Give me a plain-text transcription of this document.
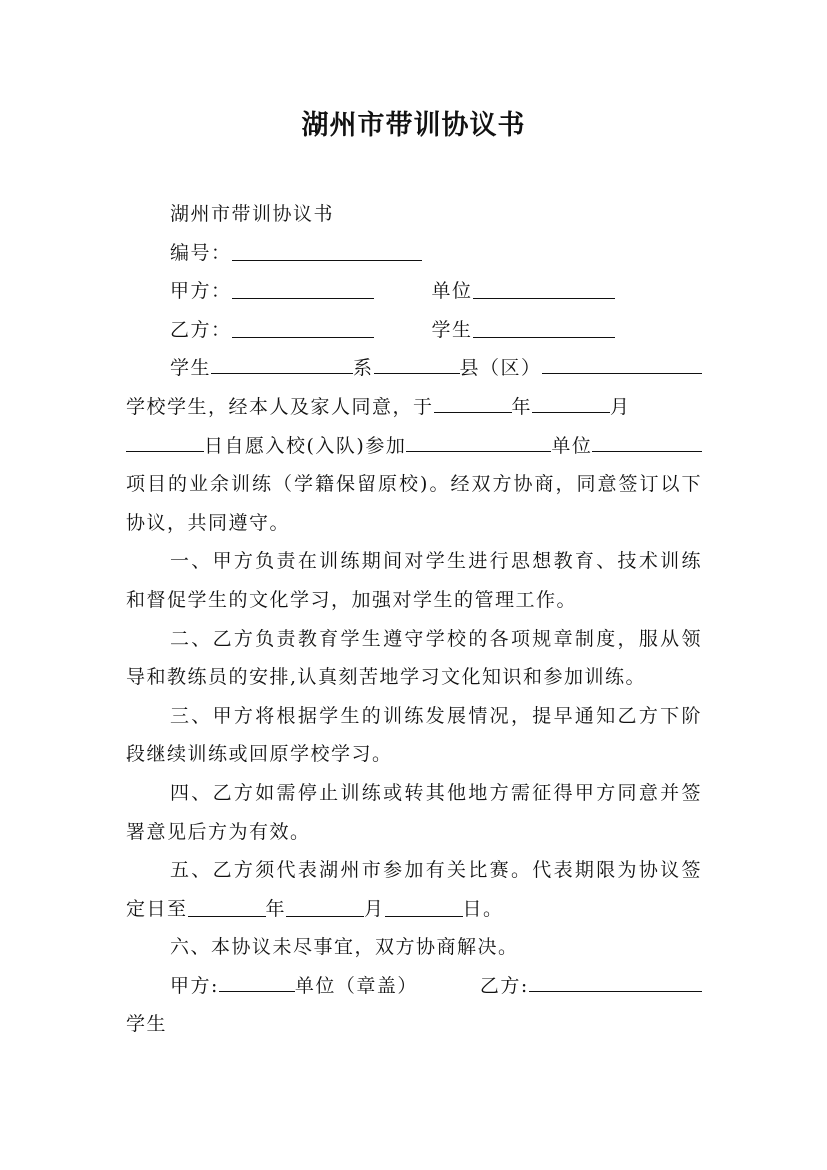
湖州市带训协议书
湖州市带训协议书
编号：
甲方：	单位
乙方：	学生
学生	系	县（区）
学校学生，经本人及家人同意，于	年	月
日自愿入校(入队)参加	单位

项目的业余训练（学籍保留原校)。经双方协商，同意签订以下协议，共同遵守。

一、甲方负责在训练期间对学生进行思想教育、技术训练和督促学生的文化学习，加强对学生的管理工作。

二、乙方负责教育学生遵守学校的各项规章制度，服从领导和教练员的安排,认真刻苦地学习文化知识和参加训练。

三、甲方将根据学生的训练发展情况，提早通知乙方下阶段继续训练或回原学校学习。

四、乙方如需停止训练或转其他地方需征得甲方同意并签署意见后方为有效。

五、乙方须代表湖州市参加有关比赛。代表期限为协议签定日至	年	月	日。

六、本协议未尽事宜，双方协商解决。

甲方:	单位（章盖）	乙方:
学生
